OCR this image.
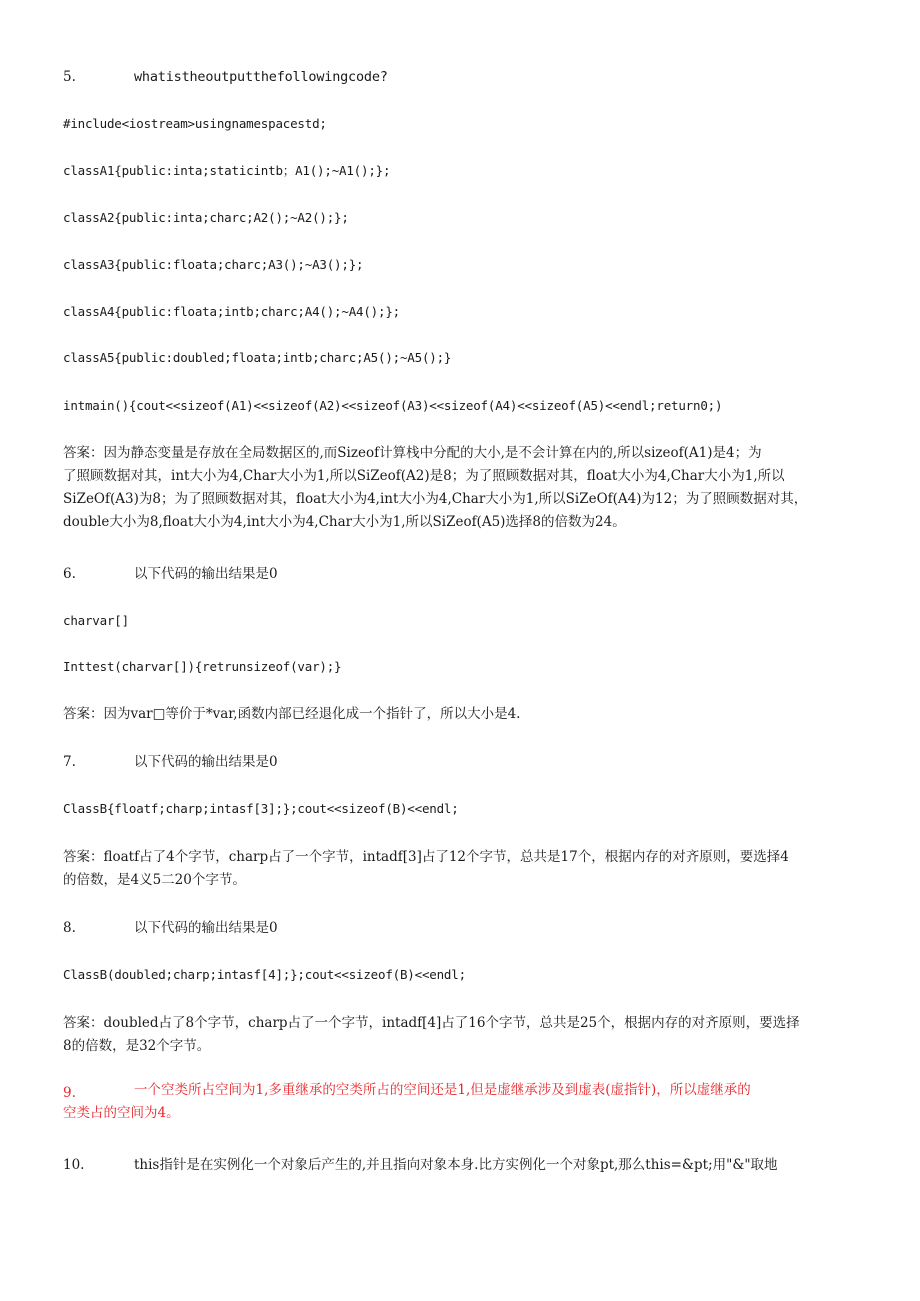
5.	whatistheoutputthefollowingcode?
#include<iostream>usingnamespacestd;
classA1{public:inta;staticintb；A1();~A1();};
classA2{public:inta;charc;A2();~A2();};
classA3{public:floata;charc;A3();~A3();};
classA4{public:floata;intb;charc;A4();~A4();};
classA5{public:doubled;floata;intb;charc;A5();~A5();}
intmain(){cout<<sizeof(A1)<<sizeof(A2)<<sizeof(A3)<<sizeof(A4)<<sizeof(A5)<<endl;return0;)
答案：因为静态变量是存放在全局数据区的,而Sizeof计算栈中分配的大小,是不会计算在内的,所以sizeof(A1)是4；为
了照顾数据对其，int大小为4,Char大小为1,所以SiZeof(A2)是8；为了照顾数据对其，float大小为4,Char大小为1,所以
SiZeOf(A3)为8；为了照顾数据对其，float大小为4,int大小为4,Char大小为1,所以SiZeOf(A4)为12；为了照顾数据对其，
double大小为8,float大小为4,int大小为4,Char大小为1,所以SiZeof(A5)选择8的倍数为24。
6.	以下代码的输出结果是0
charvar[]
Inttest(charvar[]){retrunsizeof(var);}
答案：因为var□等价于*var,函数内部已经退化成一个指针了，所以大小是4.
7.	以下代码的输出结果是0
ClassB{floatf;charp;intasf[3];};cout<<sizeof(B)<<endl;
答案：floatf占了4个字节，charp占了一个字节，intadf[3]占了12个字节，总共是17个，根据内存的对齐原则，要选择4
的倍数，是4义5二20个字节。
8.	以下代码的输出结果是0
ClassB(doubled;charp;intasf[4];};cout<<sizeof(B)<<endl;
答案：doubled占了8个字节，charp占了一个字节，intadf[4]占了16个字节，总共是25个，根据内存的对齐原则，要选择
8的倍数，是32个字节。
9.	一个空类所占空间为1,多重继承的空类所占的空间还是1,但是虚继承涉及到虚表(虚指针)，所以虚继承的
空类占的空间为4。
10.	this指针是在实例化一个对象后产生的,并且指向对象本身.比方实例化一个对象pt,那么this=&pt;用"&"取地
